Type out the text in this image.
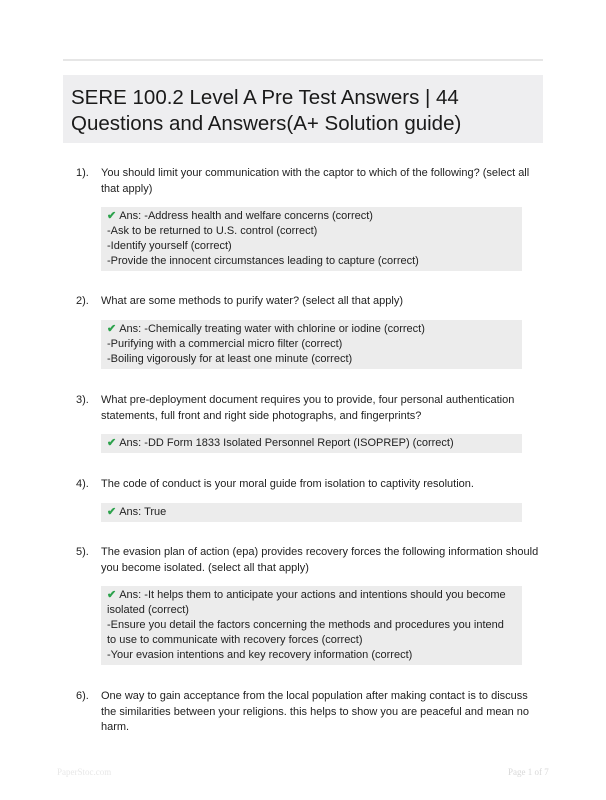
SERE 100.2 Level A Pre Test Answers | 44 Questions and Answers(A+ Solution guide)
1). You should limit your communication with the captor to which of the following? (select all that apply)
✔ Ans: -Address health and welfare concerns (correct)
-Ask to be returned to U.S. control (correct)
-Identify yourself (correct)
-Provide the innocent circumstances leading to capture (correct)
2). What are some methods to purify water? (select all that apply)
✔ Ans: -Chemically treating water with chlorine or iodine (correct)
-Purifying with a commercial micro filter (correct)
-Boiling vigorously for at least one minute (correct)
3). What pre-deployment document requires you to provide, four personal authentication statements, full front and right side photographs, and fingerprints?
✔ Ans: -DD Form 1833 Isolated Personnel Report (ISOPREP) (correct)
4). The code of conduct is your moral guide from isolation to captivity resolution.
✔ Ans: True
5). The evasion plan of action (epa) provides recovery forces the following information should you become isolated. (select all that apply)
✔ Ans: -It helps them to anticipate your actions and intentions should you become isolated (correct)
-Ensure you detail the factors concerning the methods and procedures you intend to use to communicate with recovery forces (correct)
-Your evasion intentions and key recovery information (correct)
6). One way to gain acceptance from the local population after making contact is to discuss the similarities between your religions. this helps to show you are peaceful and mean no harm.
PaperStoc.com	Page 1 of 7
